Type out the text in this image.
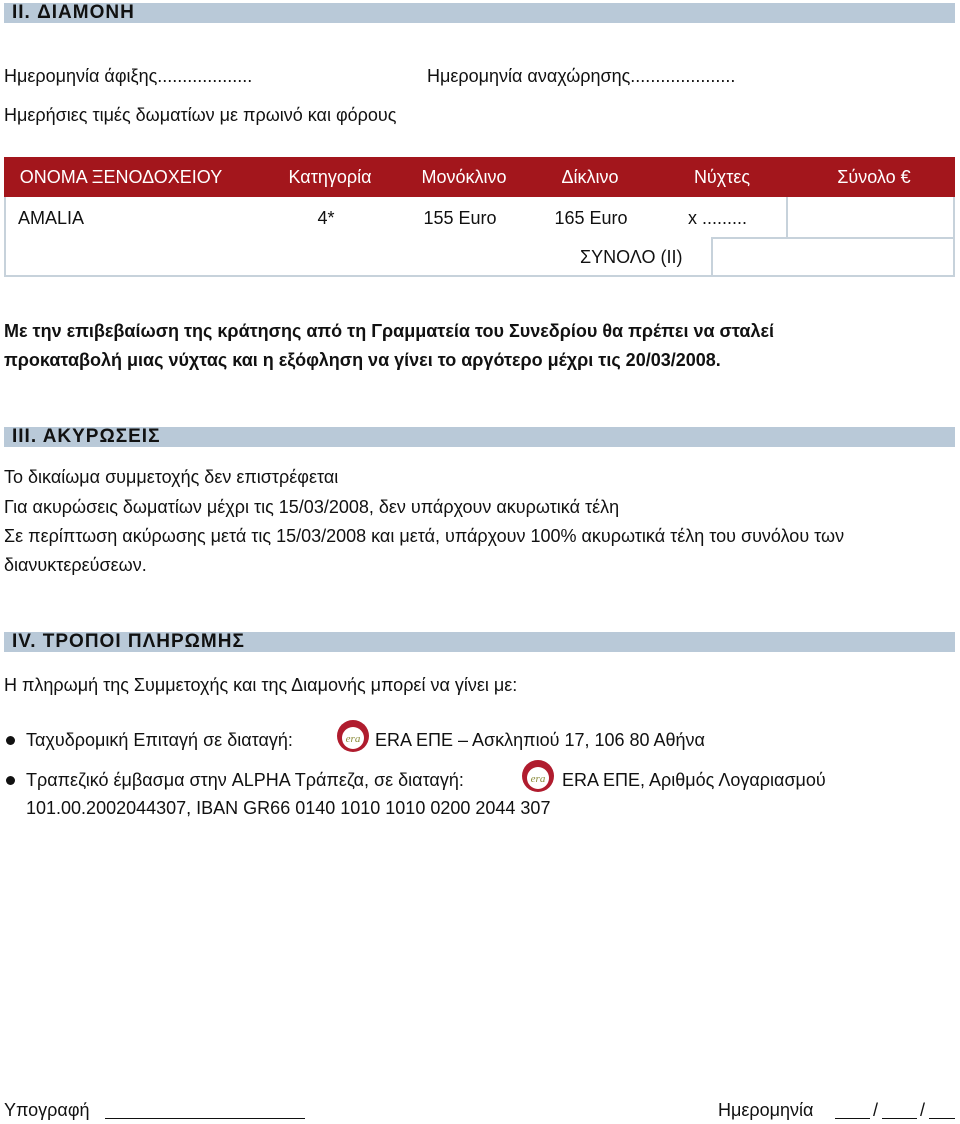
II. ΔΙΑΜΟΝΗ
Ημερομηνία άφιξης...................	Ημερομηνία αναχώρησης.....................
Ημερήσιες τιμές δωματίων με πρωινό και φόρους
ΟΝΟΜΑ ΞΕΝΟΔΟΧΕΙΟΥ	Κατηγορία	Μονόκλινο	Δίκλινο	Νύχτες	Σύνολο €
AMALIA	4*	155 Euro	165 Euro	x .........
ΣΥΝΟΛΟ (ΙΙ)
Με την επιβεβαίωση της κράτησης από τη Γραμματεία του Συνεδρίου θα πρέπει να σταλεί
προκαταβολή μιας νύχτας και η εξόφληση να γίνει το αργότερο μέχρι τις 20/03/2008.
ΙΙΙ. ΑΚΥΡΩΣΕΙΣ
Το δικαίωμα συμμετοχής δεν επιστρέφεται
Για ακυρώσεις δωματίων μέχρι τις 15/03/2008, δεν υπάρχουν ακυρωτικά τέλη
Σε περίπτωση ακύρωσης μετά τις 15/03/2008 και μετά, υπάρχουν 100% ακυρωτικά τέλη του συνόλου των
διανυκτερεύσεων.
IV. ΤΡΟΠΟΙ ΠΛΗΡΩΜΗΣ
Η πληρωμή της Συμμετοχής και της Διαμονής μπορεί να γίνει με:
Ταχυδρομική Επιταγή σε διαταγή:	era ERA ΕΠΕ – Ασκληπιού 17, 106 80 Αθήνα
Τραπεζικό έμβασμα στην ALPHA Τράπεζα, σε διαταγή:	era ERA ΕΠΕ, Αριθμός Λογαριασμού
101.00.2002044307, IBAN GR66 0140 1010 1010 0200 2044 307
Υπογραφή	Ημερομηνία	/ /
